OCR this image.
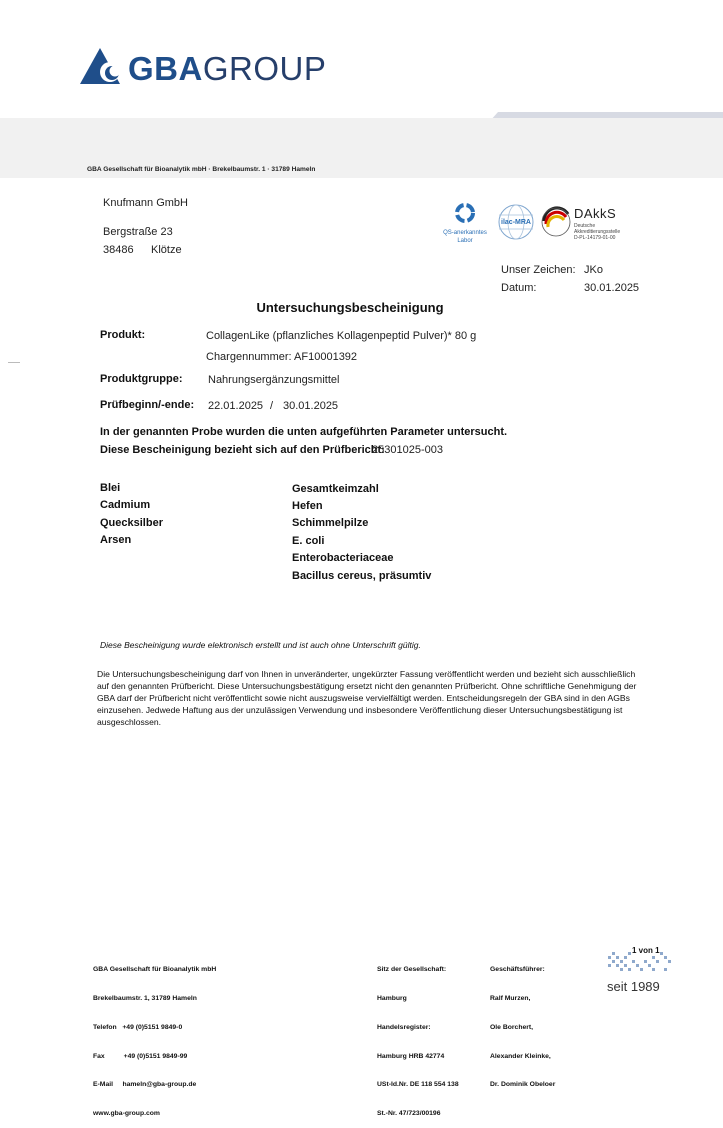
GBAGROUP
GBA Gesellschaft für Bioanalytik mbH · Brekelbaumstr. 1 · 31789 Hameln
Knufmann GmbH
Bergstraße 23
38486 Klötze
QS-anerkanntes
Labor
ilac-MRA
DAkkS
Deutsche
Akkreditierungsstelle
D-PL-14179-01-00
Unser Zeichen: JKo
Datum:	30.01.2025
Untersuchungsbescheinigung
Produkt:	CollagenLike (pflanzliches Kollagenpeptid Pulver)* 80 g
Chargennummer: AF10001392
Produktgruppe: Nahrungsergänzungsmittel
Prüfbeginn/-ende: 22.01.2025 / 30.01.2025
In der genannten Probe wurden die unten aufgeführten Parameter untersucht.
Diese Bescheinigung bezieht sich auf den Prüfbericht:
25301025-003
Blei
Cadmium
Quecksilber
Arsen
Gesamtkeimzahl
Hefen
Schimmelpilze
E. coli
Enterobacteriaceae
Bacillus cereus, präsumtiv
Diese Bescheinigung wurde elektronisch erstellt und ist auch ohne Unterschrift gültig.
Die Untersuchungsbescheinigung darf von Ihnen in unveränderter, ungekürzter Fassung veröffentlicht werden und bezieht sich ausschließlich auf den genannten Prüfbericht. Diese Untersuchungsbestätigung ersetzt nicht den genannten Prüfbericht. Ohne schriftliche Genehmigung der GBA darf der Prüfbericht nicht veröffentlicht sowie nicht auszugsweise vervielfältigt werden. Entscheidungsregeln der GBA sind in den AGBs einzusehen. Jedwede Haftung aus der unzulässigen Verwendung und insbesondere Veröffentlichung dieser Untersuchungsbestätigung ist ausgeschlossen.

GBA Gesellschaft für Bioanalytik mbH

Brekelbaumstr. 1, 31789 Hameln

Telefon   +49 (0)5151 9849-0

Fax          +49 (0)5151 9849-99

E-Mail     hameln@gba-group.de

www.gba-group.com

Sitz der Gesellschaft:

Hamburg

Handelsregister:

Hamburg HRB 42774

USt-Id.Nr. DE 118 554 138

St.-Nr. 47/723/00196

Geschäftsführer:

Ralf Murzen,

Ole Borchert,

Alexander Kleinke,

Dr. Dominik Obeloer

1 von 1
seit 1989
